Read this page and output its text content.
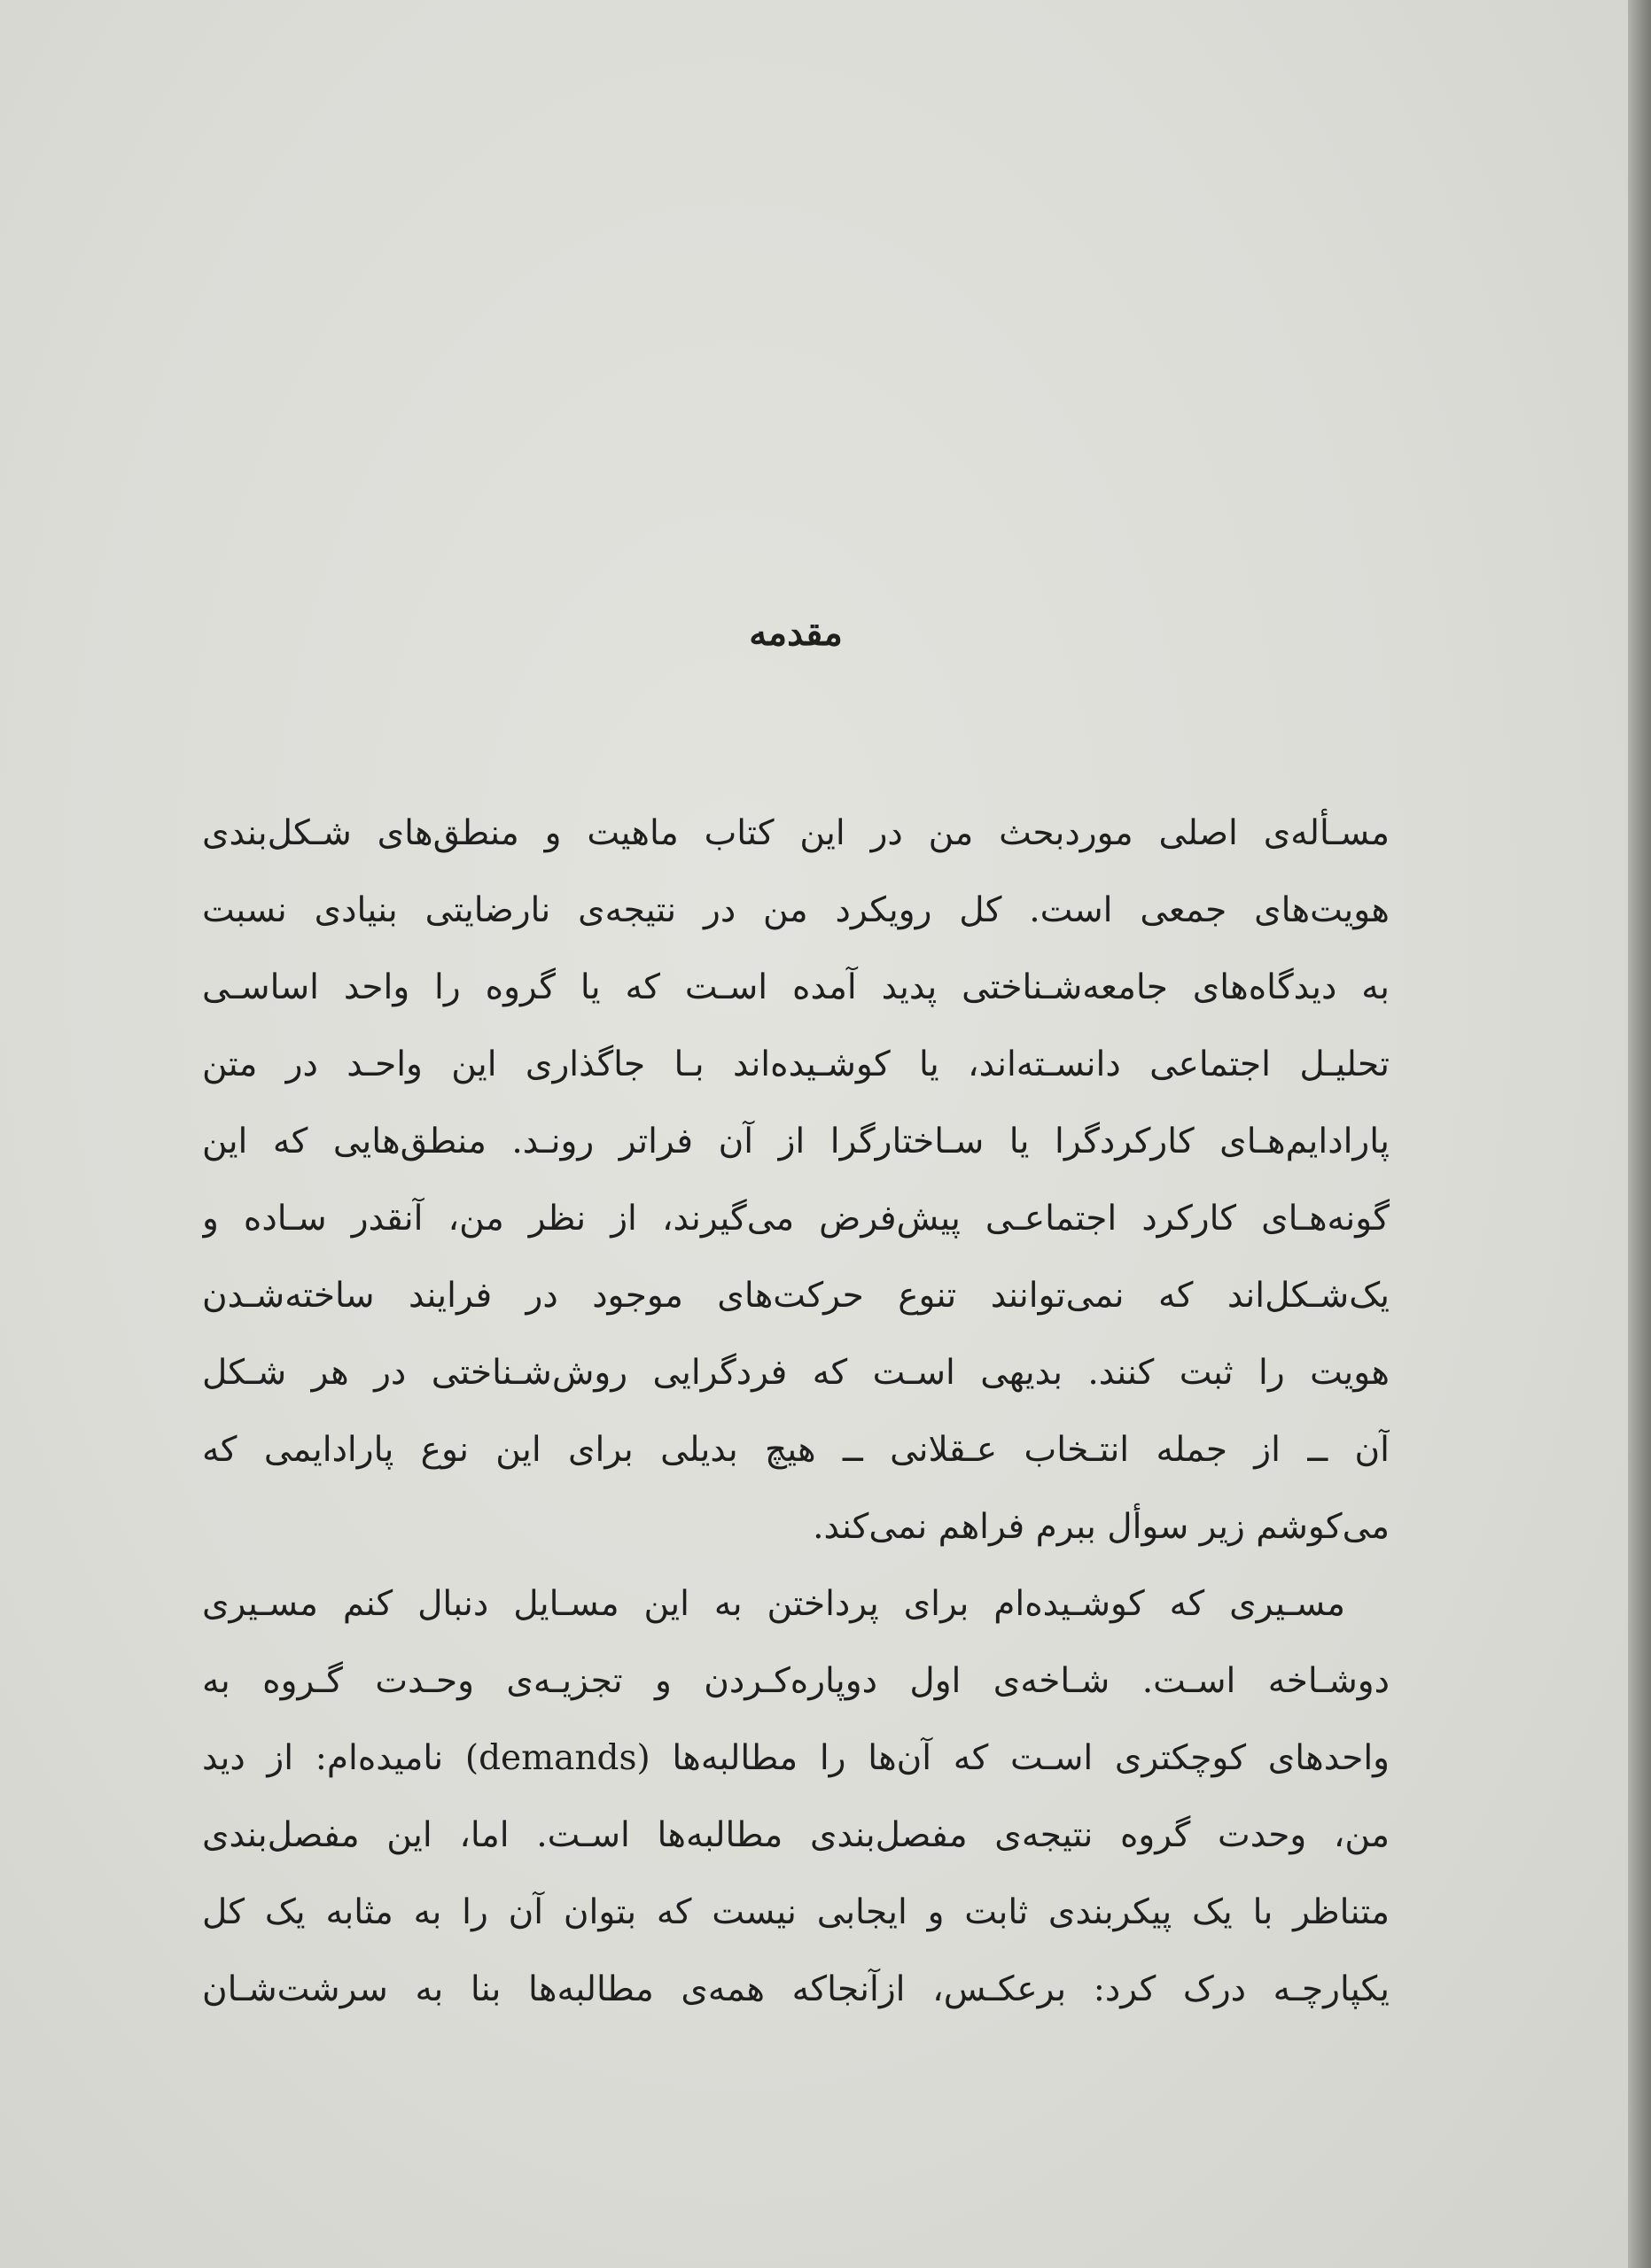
مقدمه
مسـأله‌ی اصلی موردبحث من در این کتاب ماهیت و منطق‌های شـکل‌بندی
هویت‌های جمعی است. کل رویکرد من در نتیجه‌ی نارضایتی بنیادی نسبت
به دیدگاه‌های جامعه‌شـناختی پدید آمده اسـت که یا گروه را واحد اساسـی
تحلیـل اجتماعی دانسـته‌اند، یا کوشـیده‌اند بـا جاگذاری این واحـد در متن
پارادایم‌هـای کارکردگرا یا سـاختارگرا از آن فراتر رونـد. منطق‌هایی که این
گونه‌هـای کارکرد اجتماعـی پیش‌فرض می‌گیرند، از نظر من، آنقدر سـاده و
یک‌شـکل‌اند که نمی‌توانند تنوع حرکت‌های موجود در فرایند ساخته‌شـدن
هویت را ثبت کنند. بدیهی اسـت که فردگرایی روش‌شـناختی در هر شـکل
آن ــ از جمله انتـخاب عـقلانی ــ هیچ بدیلی برای این نوع پارادایمی که
می‌کوشم زیر سوأل ببرم فراهم نمی‌کند.
مسـیری که کوشـیده‌ام برای پرداختن به این مسـایل دنبال کنم مسـیری
دوشـاخه اسـت. شـاخه‌ی اول دوپاره‌کـردن و تجزیـه‌ی وحـدت گـروه به
واحدهای کوچکتری اسـت که آن‌ها را مطالبه‌ها (demands) نامیده‌ام: از دید
من، وحدت گروه نتیجه‌ی مفصل‌بندی مطالبه‌ها اسـت. اما، این مفصل‌بندی
متناظر با یک پیکربندی ثابت و ایجابی نیست که بتوان آن را به مثابه یک کل
یکپارچـه درک کرد: برعکـس، ازآنجاکه همه‌ی مطالبه‌ها بنا به سرشت‌شـان
